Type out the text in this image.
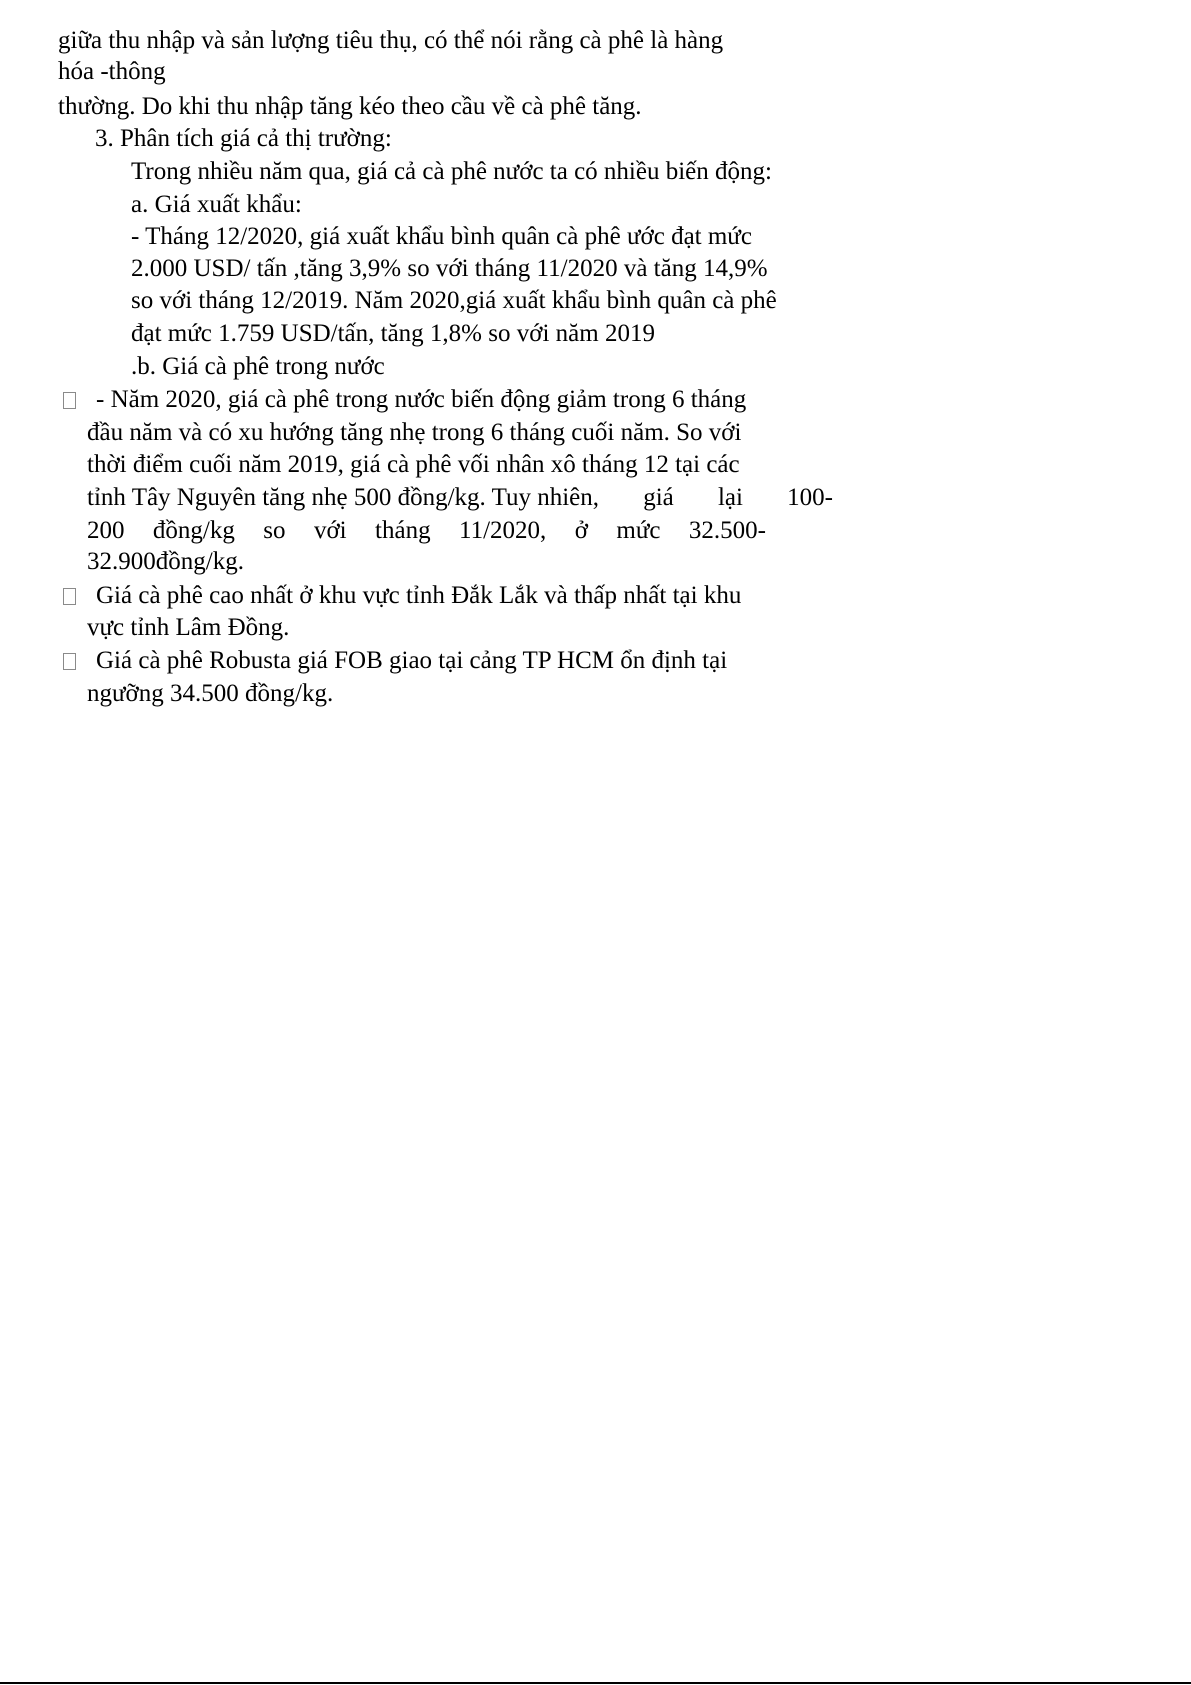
giữa thu nhập và sản lượng tiêu thụ, có thể nói rằng cà phê là hàng

hóa -thông

thường. Do khi thu nhập tăng kéo theo cầu về cà phê tăng.

3. Phân tích giá cả thị trường:

Trong nhiều năm qua, giá cả cà phê nước ta có nhiều biến động:

a. Giá xuất khẩu:

- Tháng 12/2020, giá xuất khẩu bình quân cà phê ước đạt mức

2.000 USD/ tấn ,tăng 3,9% so với tháng 11/2020 và tăng 14,9%

so với tháng 12/2019. Năm 2020,giá xuất khẩu bình quân cà phê

đạt mức 1.759 USD/tấn, tăng 1,8% so với năm 2019

.b. Giá cà phê trong nước

- Năm 2020, giá cà phê trong nước biến động giảm trong 6 tháng

đầu năm và có xu hướng tăng nhẹ trong 6 tháng cuối năm. So với

thời điểm cuối năm 2019, giá cà phê vối nhân xô tháng 12 tại các

tỉnh Tây Nguyên tăng nhẹ 500 đồng/kg. Tuy nhiên, giá lại 100-
200 đồng/kg so với tháng 11/2020, ở mức 32.500-

32.900đồng/kg.

Giá cà phê cao nhất ở khu vực tỉnh Đắk Lắk và thấp nhất tại khu

vực tỉnh Lâm Đồng.

Giá cà phê Robusta giá FOB giao tại cảng TP HCM ổn định tại

ngưỡng 34.500 đồng/kg.
